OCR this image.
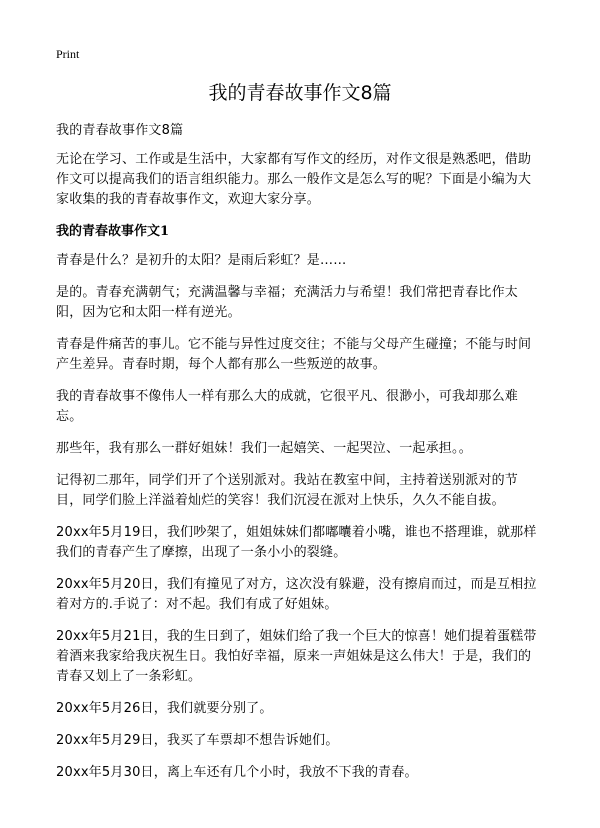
Print
我的青春故事作文8篇

我的青春故事作文8篇

无论在学习、工作或是生活中，大家都有写作文的经历，对作文很是熟悉吧，借助作文可以提高我们的语言组织能力。那么一般作文是怎么写的呢？下面是小编为大家收集的我的青春故事作文，欢迎大家分享。

我的青春故事作文1

青春是什么？是初升的太阳？是雨后彩虹？是……

是的。青春充满朝气；充满温馨与幸福；充满活力与希望！我们常把青春比作太阳，因为它和太阳一样有逆光。

青春是件痛苦的事儿。它不能与异性过度交往；不能与父母产生碰撞；不能与时间产生差异。青春时期，每个人都有那么一些叛逆的故事。

我的青春故事不像伟人一样有那么大的成就，它很平凡、很渺小，可我却那么难忘。

那些年，我有那么一群好姐妹！我们一起嬉笑、一起哭泣、一起承担。。

记得初二那年，同学们开了个送别派对。我站在教室中间，主持着送别派对的节目，同学们脸上洋溢着灿烂的笑容！我们沉浸在派对上快乐，久久不能自拔。

20xx年5月19日，我们吵架了，姐姐妹妹们都嘟囔着小嘴，谁也不搭理谁，就那样我们的青春产生了摩擦，出现了一条小小的裂缝。

20xx年5月20日，我们有撞见了对方，这次没有躲避，没有擦肩而过，而是互相拉着对方的.手说了：对不起。我们有成了好姐妹。

20xx年5月21日，我的生日到了，姐妹们给了我一个巨大的惊喜！她们提着蛋糕带着酒来我家给我庆祝生日。我怕好幸福，原来一声姐妹是这么伟大！于是，我们的青春又划上了一条彩虹。

20xx年5月26日，我们就要分别了。

20xx年5月29日，我买了车票却不想告诉她们。

20xx年5月30日，离上车还有几个小时，我放不下我的青春。
